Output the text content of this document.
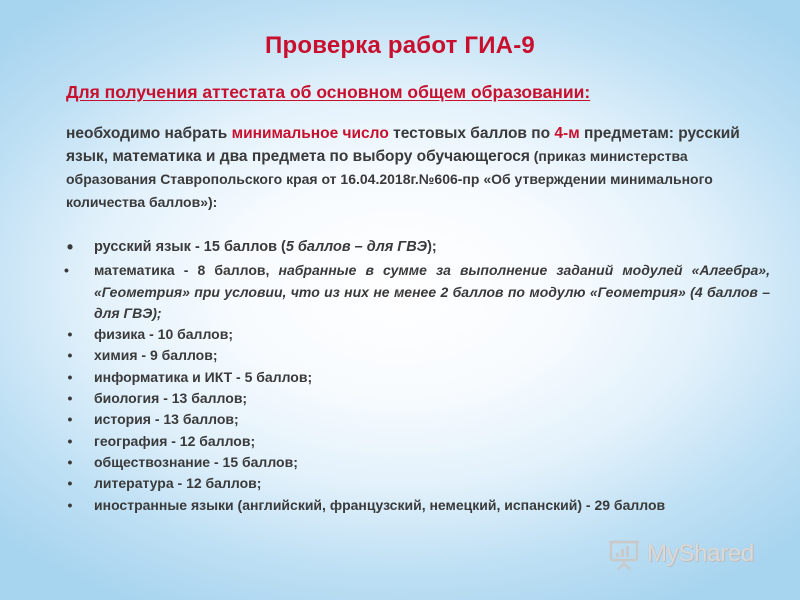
Проверка работ ГИА-9
Для получения аттестата об основном общем образовании:
необходимо набрать минимальное число тестовых баллов по 4-м предметам: русский язык, математика и два предмета по выбору обучающегося (приказ министерства образования Ставропольского края от 16.04.2018г.№606-пр «Об утверждении минимального количества баллов»):
• русский язык - 15 баллов (5 баллов – для ГВЭ);
•	математика - 8 баллов, набранные в сумме за выполнение заданий модулей «Алгебра», «Геометрия» при условии, что из них не менее 2 баллов по модулю «Геометрия» (4 баллов – для ГВЭ);
• физика - 10 баллов;
• химия - 9 баллов;
• информатика и ИКТ - 5 баллов;
• биология - 13 баллов;
• история - 13 баллов;
• география - 12 баллов;
• обществознание - 15 баллов;
• литература - 12 баллов;
• иностранные языки (английский, французский, немецкий, испанский) - 29 баллов
MyShared
